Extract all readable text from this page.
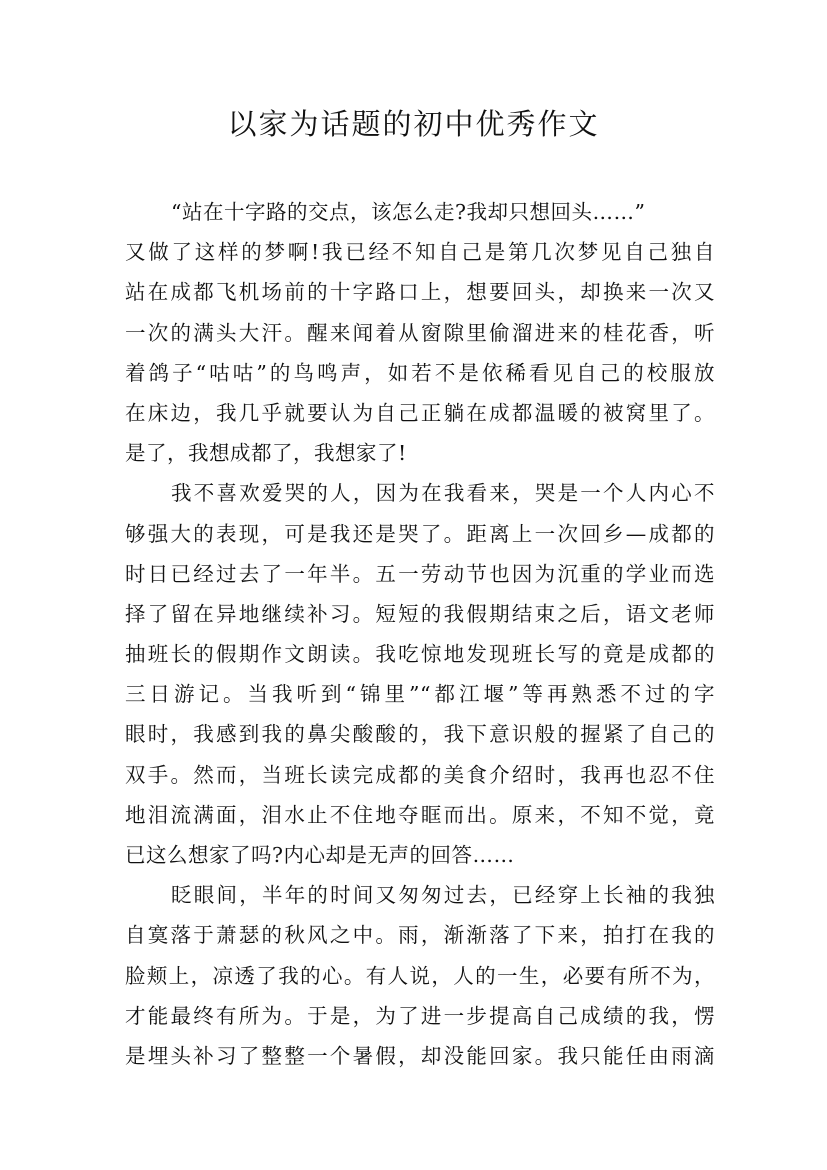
以家为话题的初中优秀作文
“站在十字路的交点，该怎么走?我却只想回头……”
又做了这样的梦啊!我已经不知自己是第几次梦见自己独自
站在成都飞机场前的十字路口上，想要回头，却换来一次又
一次的满头大汗。醒来闻着从窗隙里偷溜进来的桂花香，听
着鸽子“咕咕”的鸟鸣声，如若不是依稀看见自己的校服放
在床边，我几乎就要认为自己正躺在成都温暖的被窝里了。
是了，我想成都了，我想家了!
我不喜欢爱哭的人，因为在我看来，哭是一个人内心不
够强大的表现，可是我还是哭了。距离上一次回乡—成都的
时日已经过去了一年半。五一劳动节也因为沉重的学业而选
择了留在异地继续补习。短短的我假期结束之后，语文老师
抽班长的假期作文朗读。我吃惊地发现班长写的竟是成都的
三日游记。当我听到“锦里”“都江堰”等再熟悉不过的字
眼时，我感到我的鼻尖酸酸的，我下意识般的握紧了自己的
双手。然而，当班长读完成都的美食介绍时，我再也忍不住
地泪流满面，泪水止不住地夺眶而出。原来，不知不觉，竟
已这么想家了吗?内心却是无声的回答……
眨眼间，半年的时间又匆匆过去，已经穿上长袖的我独
自寞落于萧瑟的秋风之中。雨，渐渐落了下来，拍打在我的
脸颊上，凉透了我的心。有人说，人的一生，必要有所不为，
才能最终有所为。于是，为了进一步提高自己成绩的我，愣
是埋头补习了整整一个暑假，却没能回家。我只能任由雨滴
